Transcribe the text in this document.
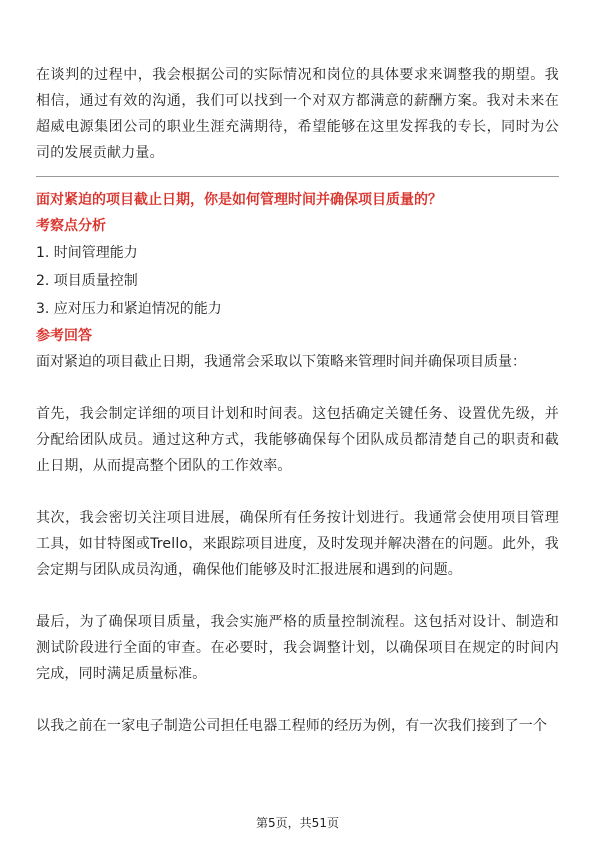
在谈判的过程中，我会根据公司的实际情况和岗位的具体要求来调整我的期望。我相信，通过有效的沟通，我们可以找到一个对双方都满意的薪酬方案。我对未来在超威电源集团公司的职业生涯充满期待，希望能够在这里发挥我的专长，同时为公司的发展贡献力量。

面对紧迫的项目截止日期，你是如何管理时间并确保项目质量的？

考察点分析

1. 时间管理能力

2. 项目质量控制

3. 应对压力和紧迫情况的能力

参考回答

面对紧迫的项目截止日期，我通常会采取以下策略来管理时间并确保项目质量：

首先，我会制定详细的项目计划和时间表。这包括确定关键任务、设置优先级，并分配给团队成员。通过这种方式，我能够确保每个团队成员都清楚自己的职责和截止日期，从而提高整个团队的工作效率。

其次，我会密切关注项目进展，确保所有任务按计划进行。我通常会使用项目管理工具，如甘特图或Trello，来跟踪项目进度，及时发现并解决潜在的问题。此外，我会定期与团队成员沟通，确保他们能够及时汇报进展和遇到的问题。

最后，为了确保项目质量，我会实施严格的质量控制流程。这包括对设计、制造和测试阶段进行全面的审查。在必要时，我会调整计划，以确保项目在规定的时间内完成，同时满足质量标准。

以我之前在一家电子制造公司担任电器工程师的经历为例，有一次我们接到了一个

第5页，共51页
